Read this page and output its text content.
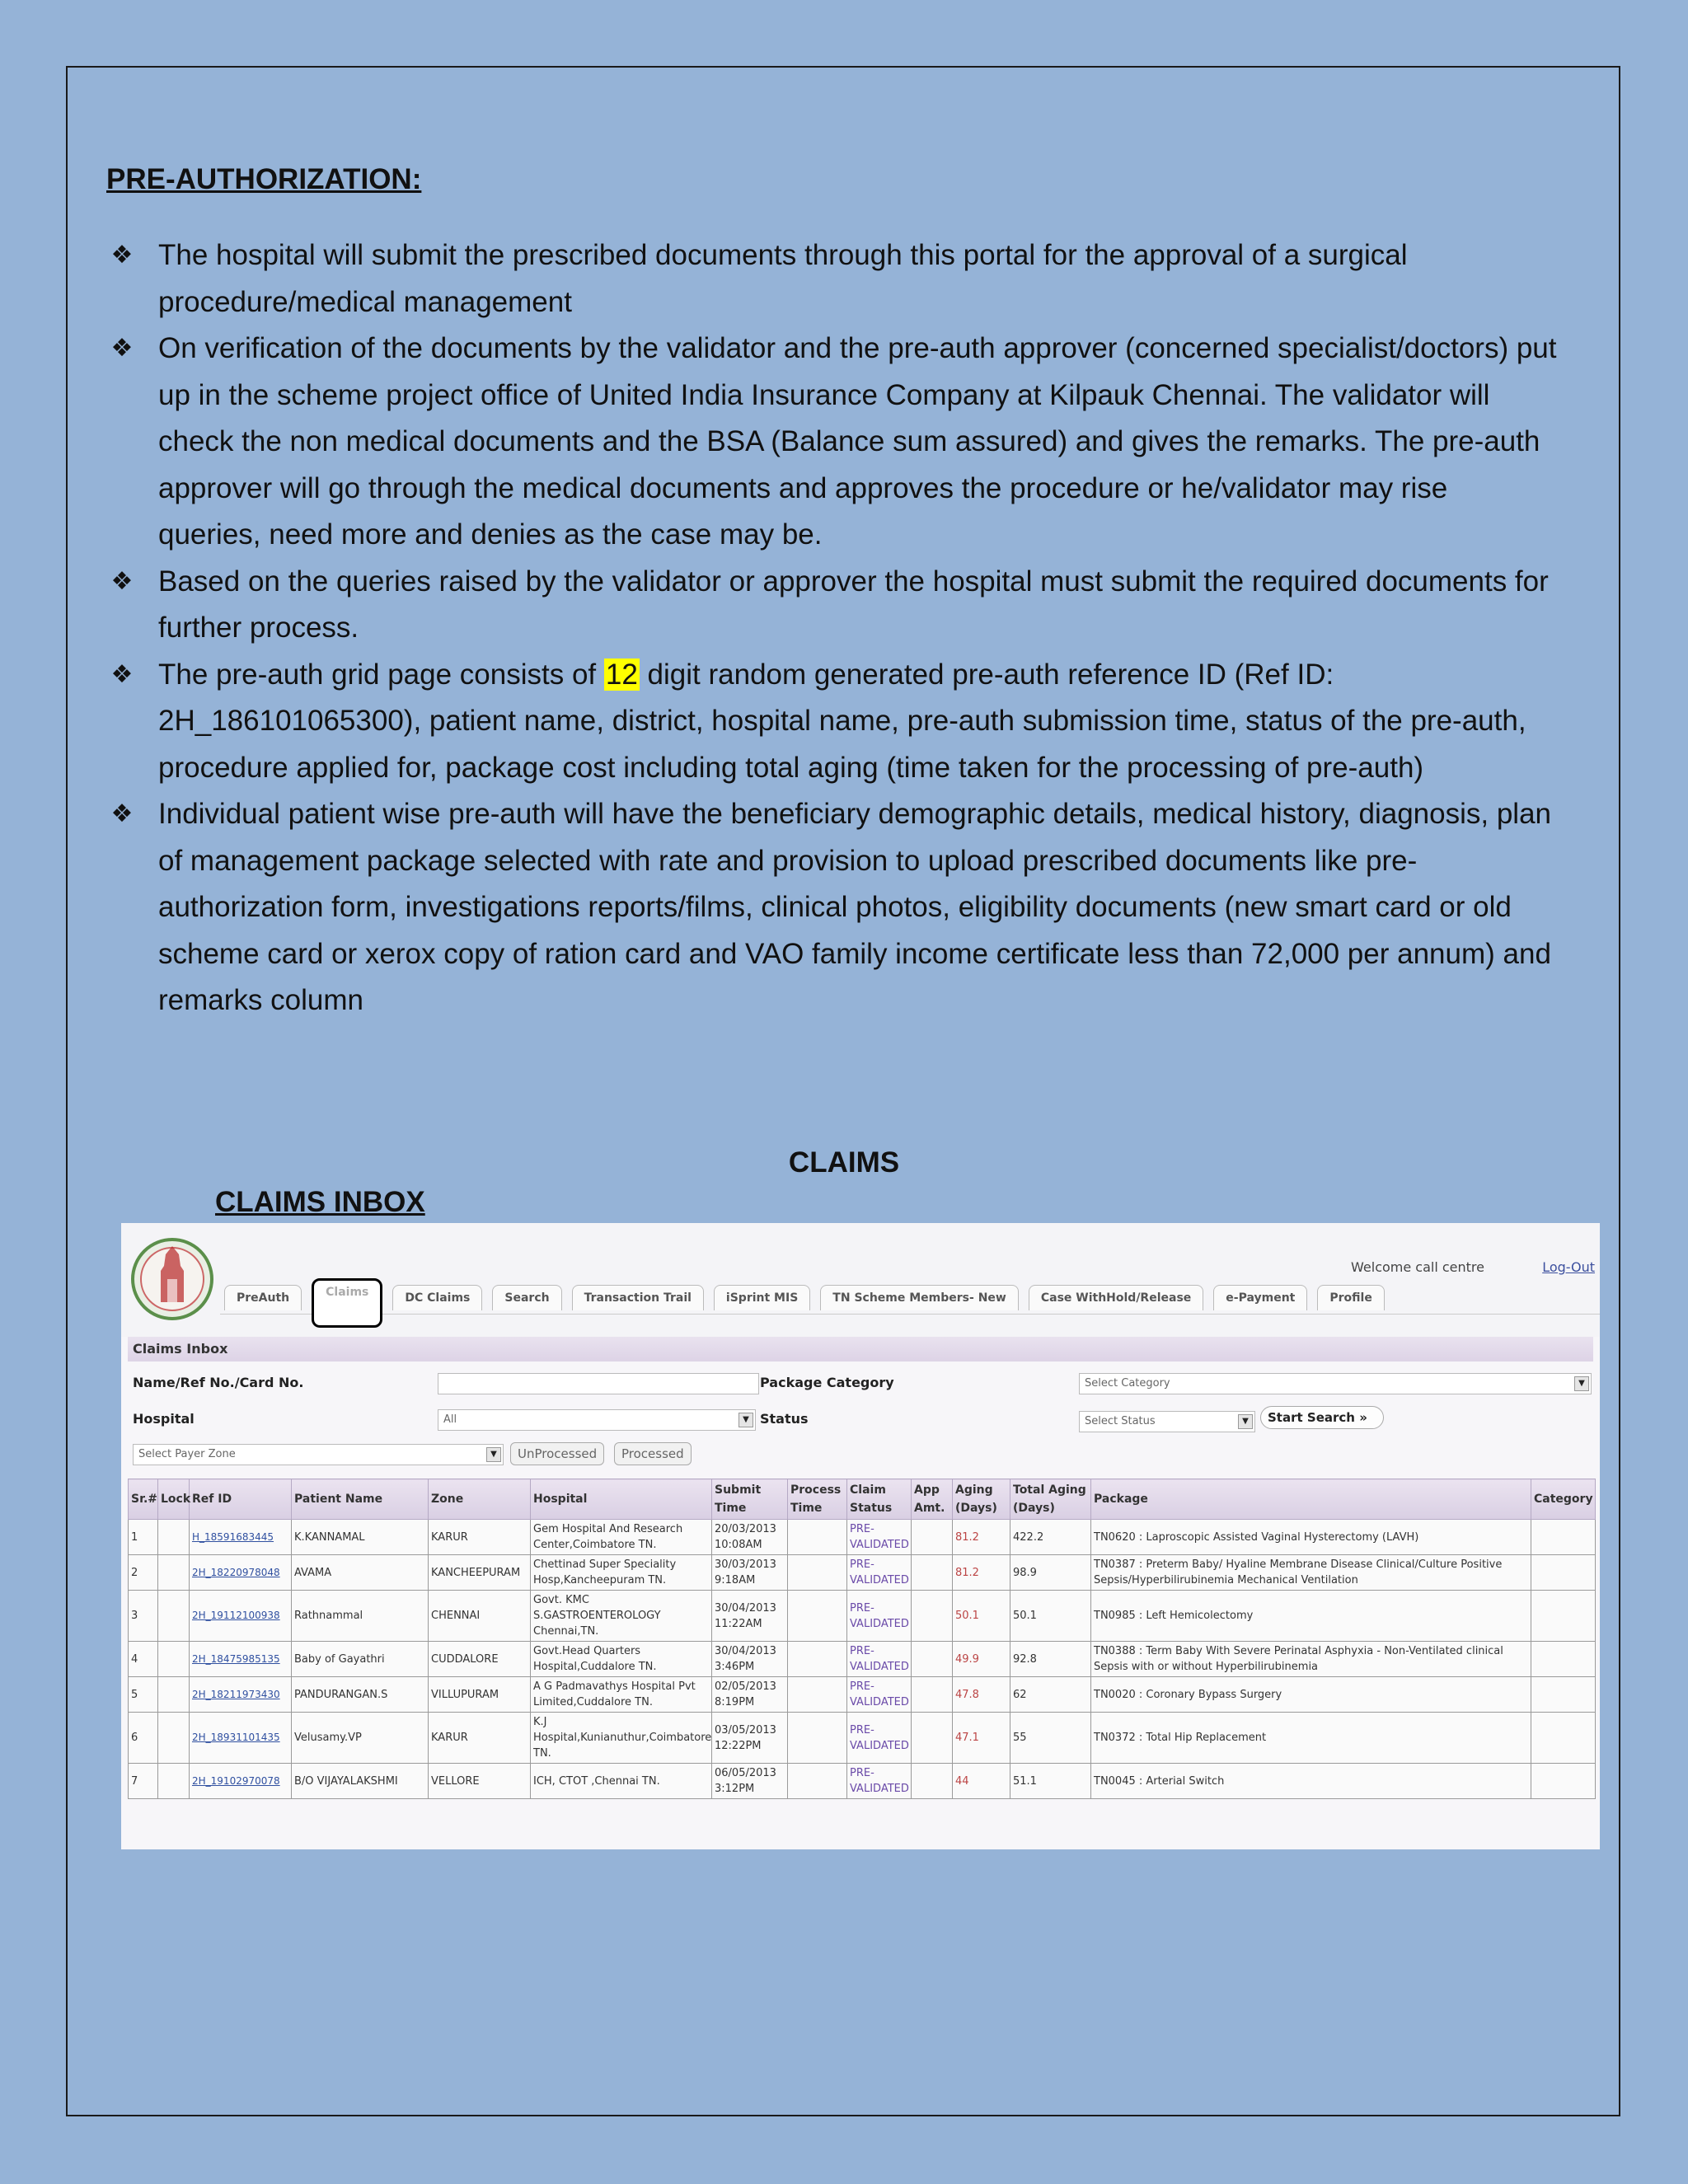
PRE-AUTHORIZATION:
❖ The hospital will submit the prescribed documents through this portal for the approval of a surgical procedure/medical management
❖ On verification of the documents by the validator and the pre-auth approver (concerned specialist/doctors) put up in the scheme project office of United India Insurance Company at Kilpauk Chennai. The validator will check the non medical documents and the BSA (Balance sum assured) and gives the remarks. The pre-auth approver will go through the medical documents and approves the procedure or he/validator may rise queries, need more and denies as the case may be.
❖ Based on the queries raised by the validator or approver the hospital must submit the required documents for further process.
❖ The pre-auth grid page consists of 12 digit random generated pre-auth reference ID (Ref ID: 2H_186101065300), patient name, district, hospital name, pre-auth submission time, status of the pre-auth, procedure applied for, package cost including total aging (time taken for the processing of pre-auth)
❖ Individual patient wise pre-auth will have the beneficiary demographic details, medical history, diagnosis, plan of management package selected with rate and provision to upload prescribed documents like pre-authorization form, investigations reports/films, clinical photos, eligibility documents (new smart card or old scheme card or xerox copy of ration card and VAO family income certificate less than 72,000 per annum) and remarks column
CLAIMS
CLAIMS INBOX
Welcome call centre	Log-Out
PreAuth	Claims	DC Claims	Search	Transaction Trail	iSprint MIS	TN Scheme Members- New	Case WithHold/Release	e-Payment	Profile
Claims Inbox
Name/Ref No./Card No.	Package Category	Select Category	▼
Hospital	All	▼ Status	Select Status	▼	Start Search »
Select Payer Zone	▼	UnProcessed	Processed
Sr.#	Lock	Ref ID	Patient Name	Zone	Hospital	Submit Time	Process Time	Claim Status	App Amt.	Aging (Days)	Total Aging (Days)	Package	Category
1		H_18591683445	K.KANNAMAL	KARUR	Gem Hospital And Research Center,Coimbatore TN.	20/03/2013 10:08AM		PRE-VALIDATED		81.2	422.2	TN0620 : Laproscopic Assisted Vaginal Hysterectomy (LAVH)	
2		2H_18220978048	AVAMA	KANCHEEPURAM	Chettinad Super Speciality Hosp,Kancheepuram TN.	30/03/2013 9:18AM		PRE-VALIDATED		81.2	98.9	TN0387 : Preterm Baby/ Hyaline Membrane Disease Clinical/Culture Positive Sepsis/Hyperbilirubinemia Mechanical Ventilation	
3		2H_19112100938	Rathnammal	CHENNAI	Govt. KMC S.GASTROENTEROLOGY Chennai,TN.	30/04/2013 11:22AM		PRE-VALIDATED		50.1	50.1	TN0985 : Left Hemicolectomy	
4		2H_18475985135	Baby of Gayathri	CUDDALORE	Govt.Head Quarters Hospital,Cuddalore TN.	30/04/2013 3:46PM		PRE-VALIDATED		49.9	92.8	TN0388 : Term Baby With Severe Perinatal Asphyxia - Non-Ventilated clinical Sepsis with or without Hyperbilirubinemia	
5		2H_18211973430	PANDURANGAN.S	VILLUPURAM	A G Padmavathys Hospital Pvt Limited,Cuddalore TN.	02/05/2013 8:19PM		PRE-VALIDATED		47.8	62	TN0020 : Coronary Bypass Surgery	
6		2H_18931101435	Velusamy.VP	KARUR	K.J Hospital,Kunianuthur,Coimbatore TN.	03/05/2013 12:22PM		PRE-VALIDATED		47.1	55	TN0372 : Total Hip Replacement	
7		2H_19102970078	B/O VIJAYALAKSHMI	VELLORE	ICH, CTOT ,Chennai TN.	06/05/2013 3:12PM		PRE-VALIDATED		44	51.1	TN0045 : Arterial Switch	
